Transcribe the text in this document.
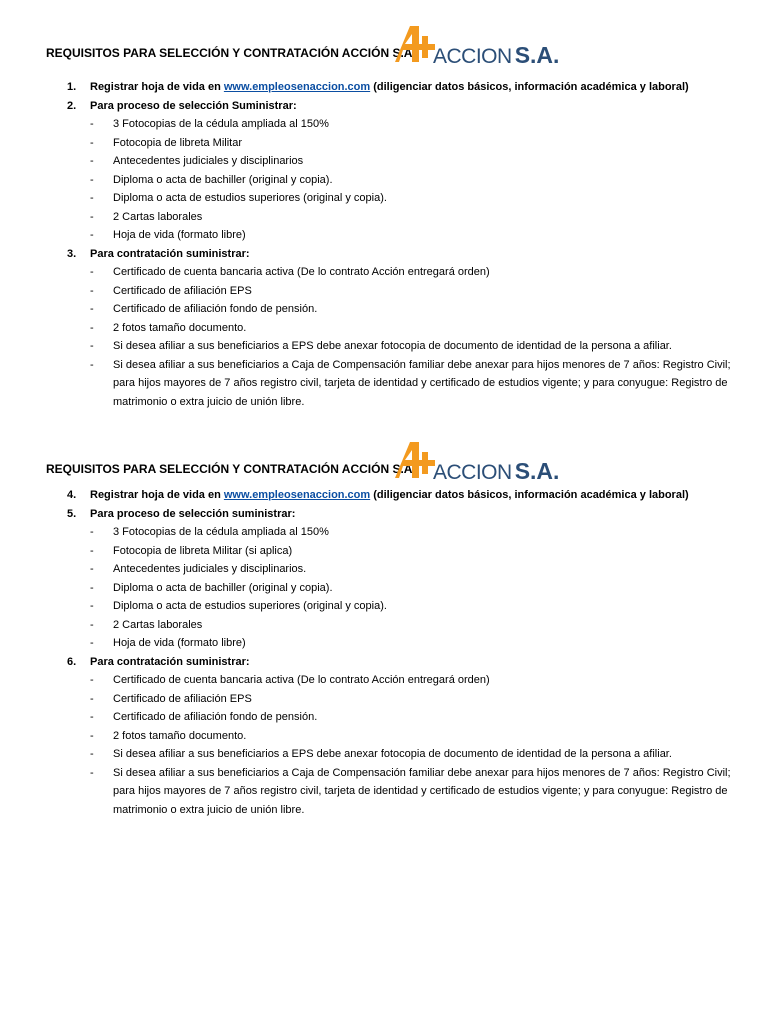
REQUISITOS PARA SELECCIÓN Y CONTRATACIÓN ACCIÓN S.A ACCION S.A.
1. Registrar hoja de vida en www.empleosenaccion.com (diligenciar datos básicos, información académica y laboral)
2. Para proceso de selección Suministrar:
- 3 Fotocopias de la cédula ampliada al 150%
- Fotocopia de libreta Militar
- Antecedentes judiciales y disciplinarios
- Diploma o acta de bachiller (original y copia).
- Diploma o acta de estudios superiores (original y copia).
- 2 Cartas laborales
- Hoja de vida (formato libre)
3. Para contratación suministrar:
- Certificado de cuenta bancaria activa (De lo contrato Acción entregará orden)
- Certificado de afiliación EPS
- Certificado de afiliación fondo de pensión.
- 2 fotos tamaño documento.
- Si desea afiliar a sus beneficiarios a EPS debe anexar fotocopia de documento de identidad de la persona a afiliar.
- Si desea afiliar a sus beneficiarios a Caja de Compensación familiar debe anexar para hijos menores de 7 años: Registro Civil; para hijos mayores de 7 años registro civil, tarjeta de identidad y certificado de estudios vigente; y para conyugue: Registro de matrimonio o extra juicio de unión libre.
REQUISITOS PARA SELECCIÓN Y CONTRATACIÓN ACCIÓN S.A ACCION S.A.
4. Registrar hoja de vida en www.empleosenaccion.com (diligenciar datos básicos, información académica y laboral)
5. Para proceso de selección suministrar:
- 3 Fotocopias de la cédula ampliada al 150%
- Fotocopia de libreta Militar (si aplica)
- Antecedentes judiciales y disciplinarios.
- Diploma o acta de bachiller (original y copia).
- Diploma o acta de estudios superiores (original y copia).
- 2 Cartas laborales
- Hoja de vida (formato libre)
6. Para contratación suministrar:
- Certificado de cuenta bancaria activa (De lo contrato Acción entregará orden)
- Certificado de afiliación EPS
- Certificado de afiliación fondo de pensión.
- 2 fotos tamaño documento.
- Si desea afiliar a sus beneficiarios a EPS debe anexar fotocopia de documento de identidad de la persona a afiliar.
- Si desea afiliar a sus beneficiarios a Caja de Compensación familiar debe anexar para hijos menores de 7 años: Registro Civil; para hijos mayores de 7 años registro civil, tarjeta de identidad y certificado de estudios vigente; y para conyugue: Registro de matrimonio o extra juicio de unión libre.
